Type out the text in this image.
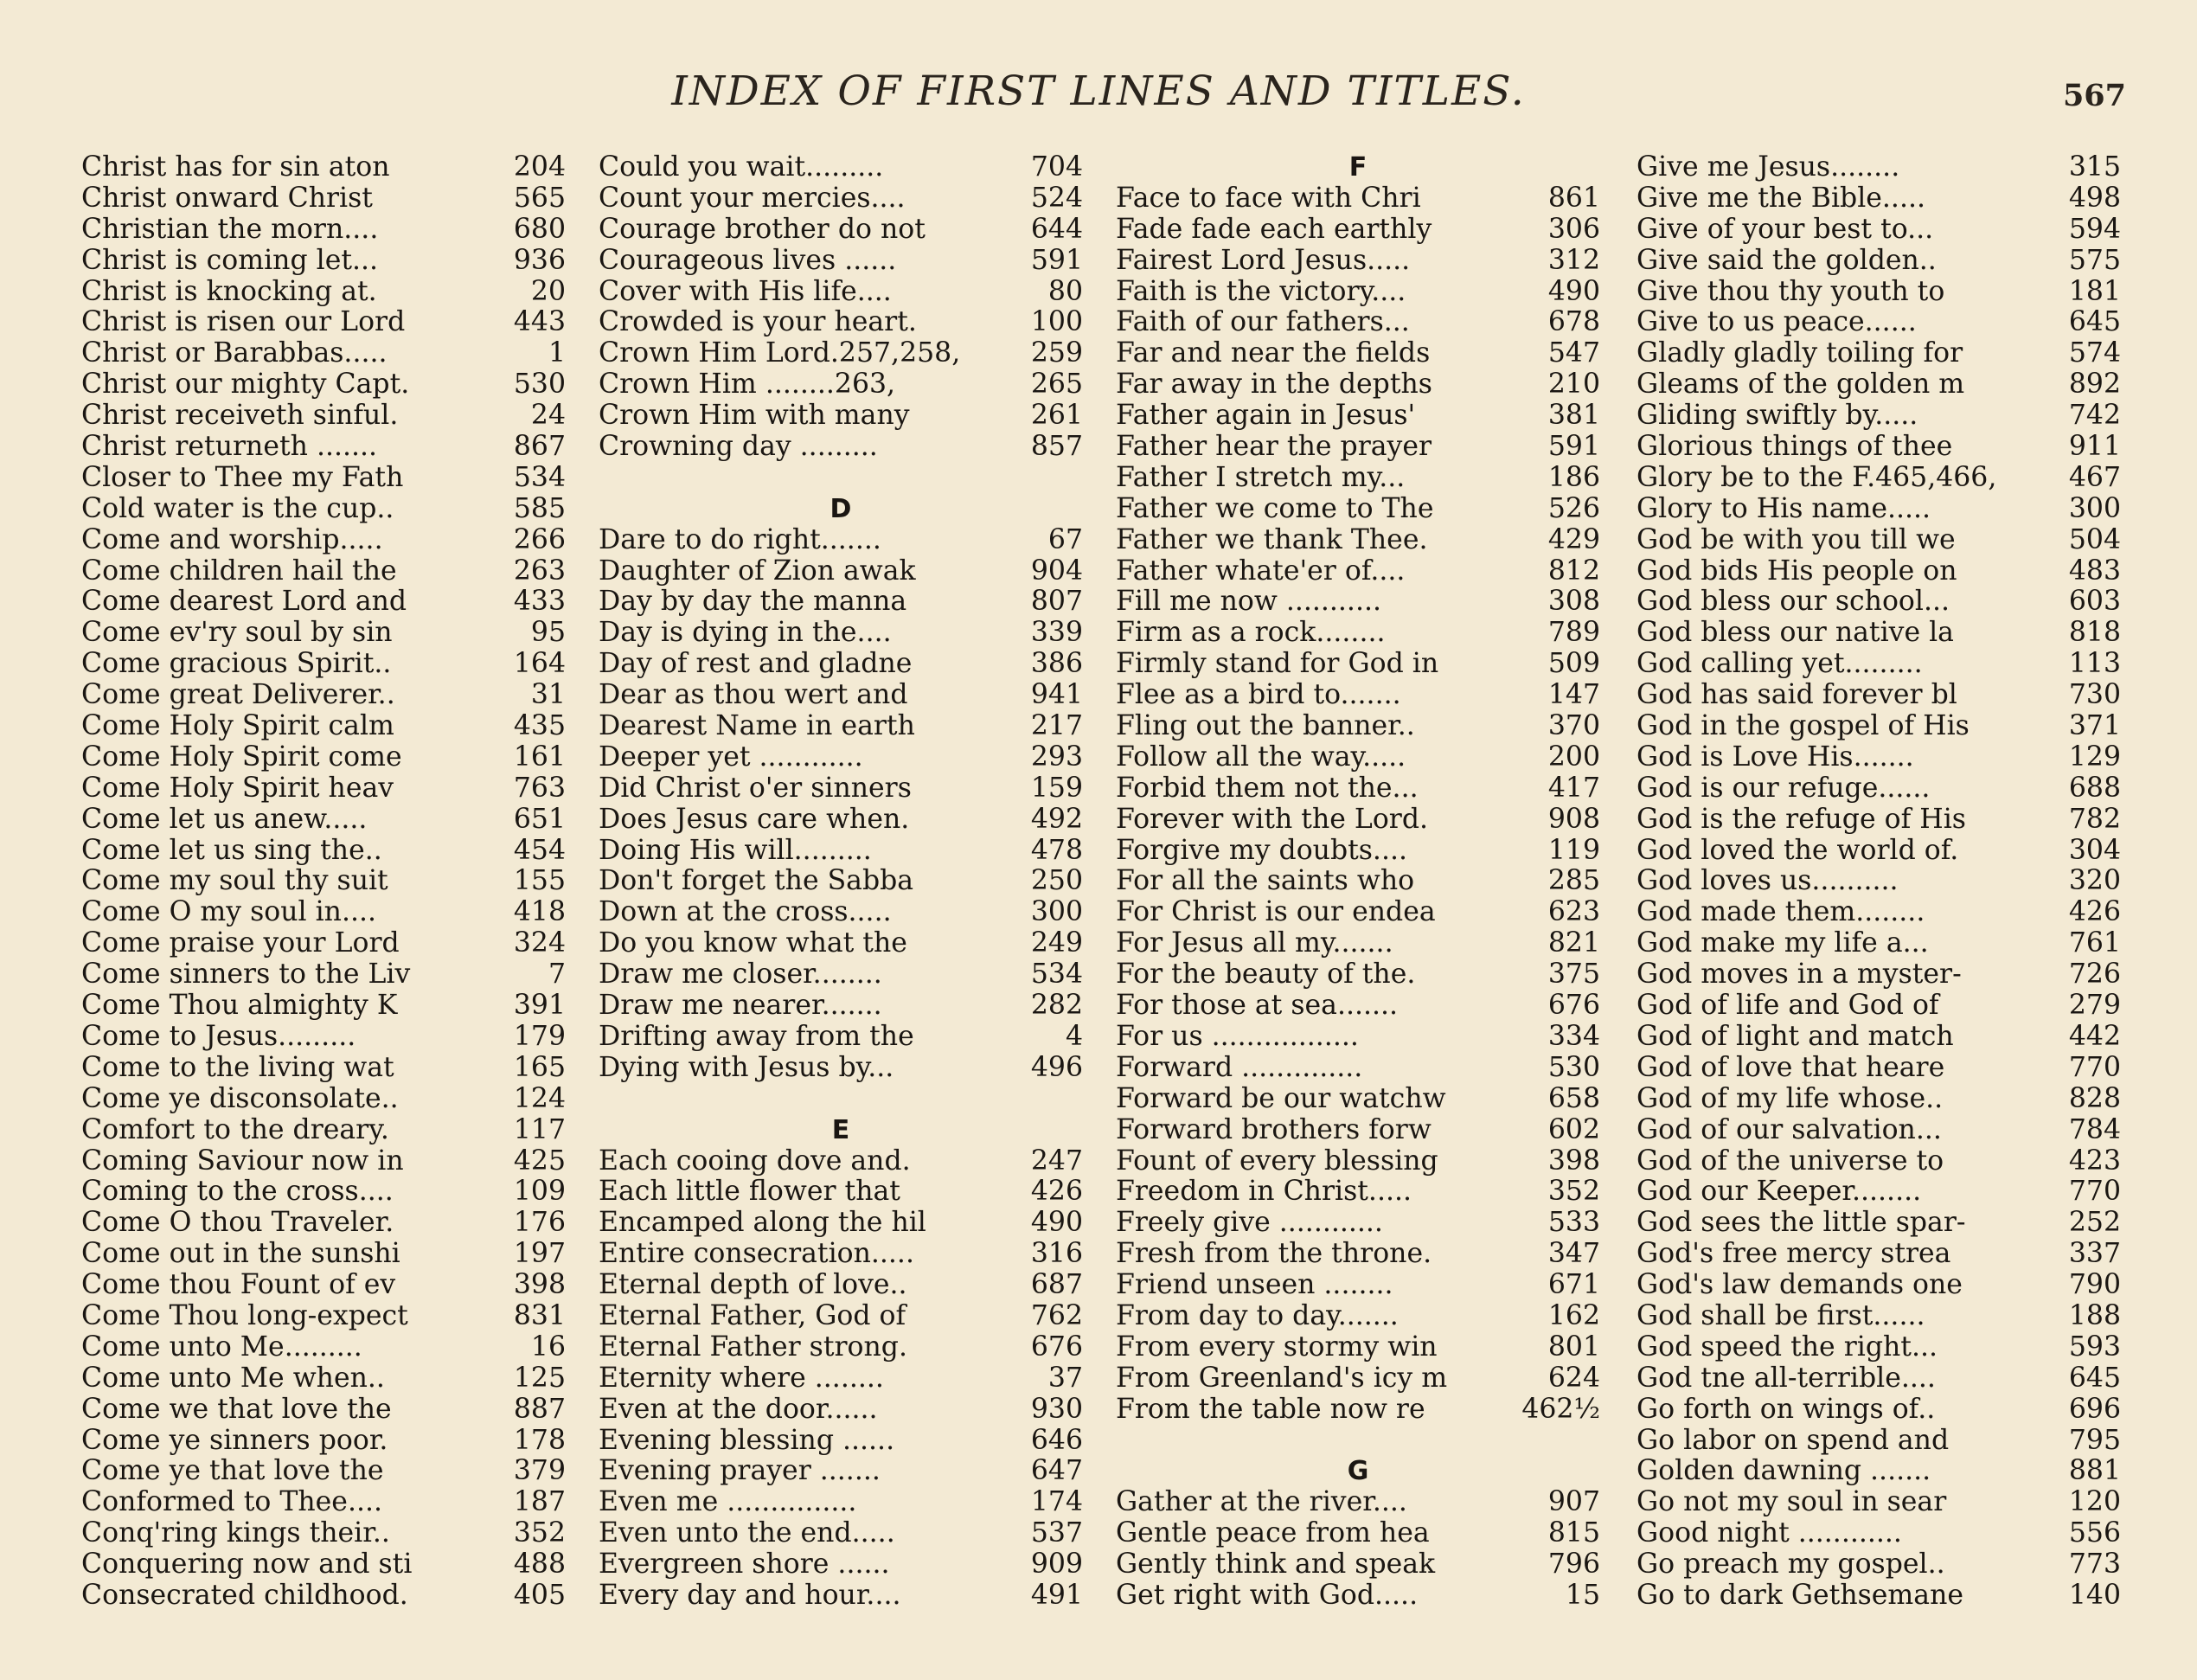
INDEX OF FIRST LINES AND TITLES.	567
Christ has for sin aton	204
Christ onward Christ	565
Christian the morn....	680
Christ is coming let...	936
Christ is knocking at.	20
Christ is risen our Lord	443
Christ or Barabbas.....	1
Christ our mighty Capt.	530
Christ receiveth sinful.	24
Christ returneth .......	867
Closer to Thee my Fath	534
Cold water is the cup..	585
Come and worship.....	266
Come children hail the	263
Come dearest Lord and	433
Come ev'ry soul by sin	95
Come gracious Spirit..	164
Come great Deliverer..	31
Come Holy Spirit calm	435
Come Holy Spirit come	161
Come Holy Spirit heav	763
Come let us anew.....	651
Come let us sing the..	454
Come my soul thy suit	155
Come O my soul in....	418
Come praise your Lord	324
Come sinners to the Liv	7
Come Thou almighty K	391
Come to Jesus.........	179
Come to the living wat	165
Come ye disconsolate..	124
Comfort to the dreary.	117
Coming Saviour now in	425
Coming to the cross....	109
Come O thou Traveler.	176
Come out in the sunshi	197
Come thou Fount of ev	398
Come Thou long-expect	831
Come unto Me.........	16
Come unto Me when..	125
Come we that love the	887
Come ye sinners poor.	178
Come ye that love the	379
Conformed to Thee....	187
Conq'ring kings their..	352
Conquering now and sti	488
Consecrated childhood.	405
Could you wait.........	704
Count your mercies....	524
Courage brother do not	644
Courageous lives ......	591
Cover with His life....	80
Crowded is your heart.	100
Crown Him Lord.257,258,	259
Crown Him ........263,	265
Crown Him with many	261
Crowning day .........	857
D
Dare to do right.......	67
Daughter of Zion awak	904
Day by day the manna	807
Day is dying in the....	339
Day of rest and gladne	386
Dear as thou wert and	941
Dearest Name in earth	217
Deeper yet ............	293
Did Christ o'er sinners	159
Does Jesus care when.	492
Doing His will.........	478
Don't forget the Sabba	250
Down at the cross.....	300
Do you know what the	249
Draw me closer........	534
Draw me nearer.......	282
Drifting away from the	4
Dying with Jesus by...	496
E
Each cooing dove and.	247
Each little flower that	426
Encamped along the hil	490
Entire consecration.....	316
Eternal depth of love..	687
Eternal Father, God of	762
Eternal Father strong.	676
Eternity where ........	37
Even at the door......	930
Evening blessing ......	646
Evening prayer .......	647
Even me ...............	174
Even unto the end.....	537
Evergreen shore ......	909
Every day and hour....	491
F
Face to face with Chri	861
Fade fade each earthly	306
Fairest Lord Jesus.....	312
Faith is the victory....	490
Faith of our fathers...	678
Far and near the fields	547
Far away in the depths	210
Father again in Jesus'	381
Father hear the prayer	591
Father I stretch my...	186
Father we come to The	526
Father we thank Thee.	429
Father whate'er of....	812
Fill me now ...........	308
Firm as a rock........	789
Firmly stand for God in	509
Flee as a bird to.......	147
Fling out the banner..	370
Follow all the way.....	200
Forbid them not the...	417
Forever with the Lord.	908
Forgive my doubts....	119
For all the saints who	285
For Christ is our endea	623
For Jesus all my.......	821
For the beauty of the.	375
For those at sea.......	676
For us .................	334
Forward ..............	530
Forward be our watchw	658
Forward brothers forw	602
Fount of every blessing	398
Freedom in Christ.....	352
Freely give ............	533
Fresh from the throne.	347
Friend unseen ........	671
From day to day.......	162
From every stormy win	801
From Greenland's icy m	624
From the table now re	462½
G
Gather at the river....	907
Gentle peace from hea	815
Gently think and speak	796
Get right with God.....	15
Give me Jesus........	315
Give me the Bible.....	498
Give of your best to...	594
Give said the golden..	575
Give thou thy youth to	181
Give to us peace......	645
Gladly gladly toiling for	574
Gleams of the golden m	892
Gliding swiftly by.....	742
Glorious things of thee	911
Glory be to the F.465,466,	467
Glory to His name.....	300
God be with you till we	504
God bids His people on	483
God bless our school...	603
God bless our native la	818
God calling yet.........	113
God has said forever bl	730
God in the gospel of His	371
God is Love His.......	129
God is our refuge......	688
God is the refuge of His	782
God loved the world of.	304
God loves us..........	320
God made them........	426
God make my life a...	761
God moves in a myster-	726
God of life and God of	279
God of light and match	442
God of love that heare	770
God of my life whose..	828
God of our salvation...	784
God of the universe to	423
God our Keeper........	770
God sees the little spar-	252
God's free mercy strea	337
God's law demands one	790
God shall be first......	188
God speed the right...	593
God tne all-terrible....	645
Go forth on wings of..	696
Go labor on spend and	795
Golden dawning .......	881
Go not my soul in sear	120
Good night ............	556
Go preach my gospel..	773
Go to dark Gethsemane	140
